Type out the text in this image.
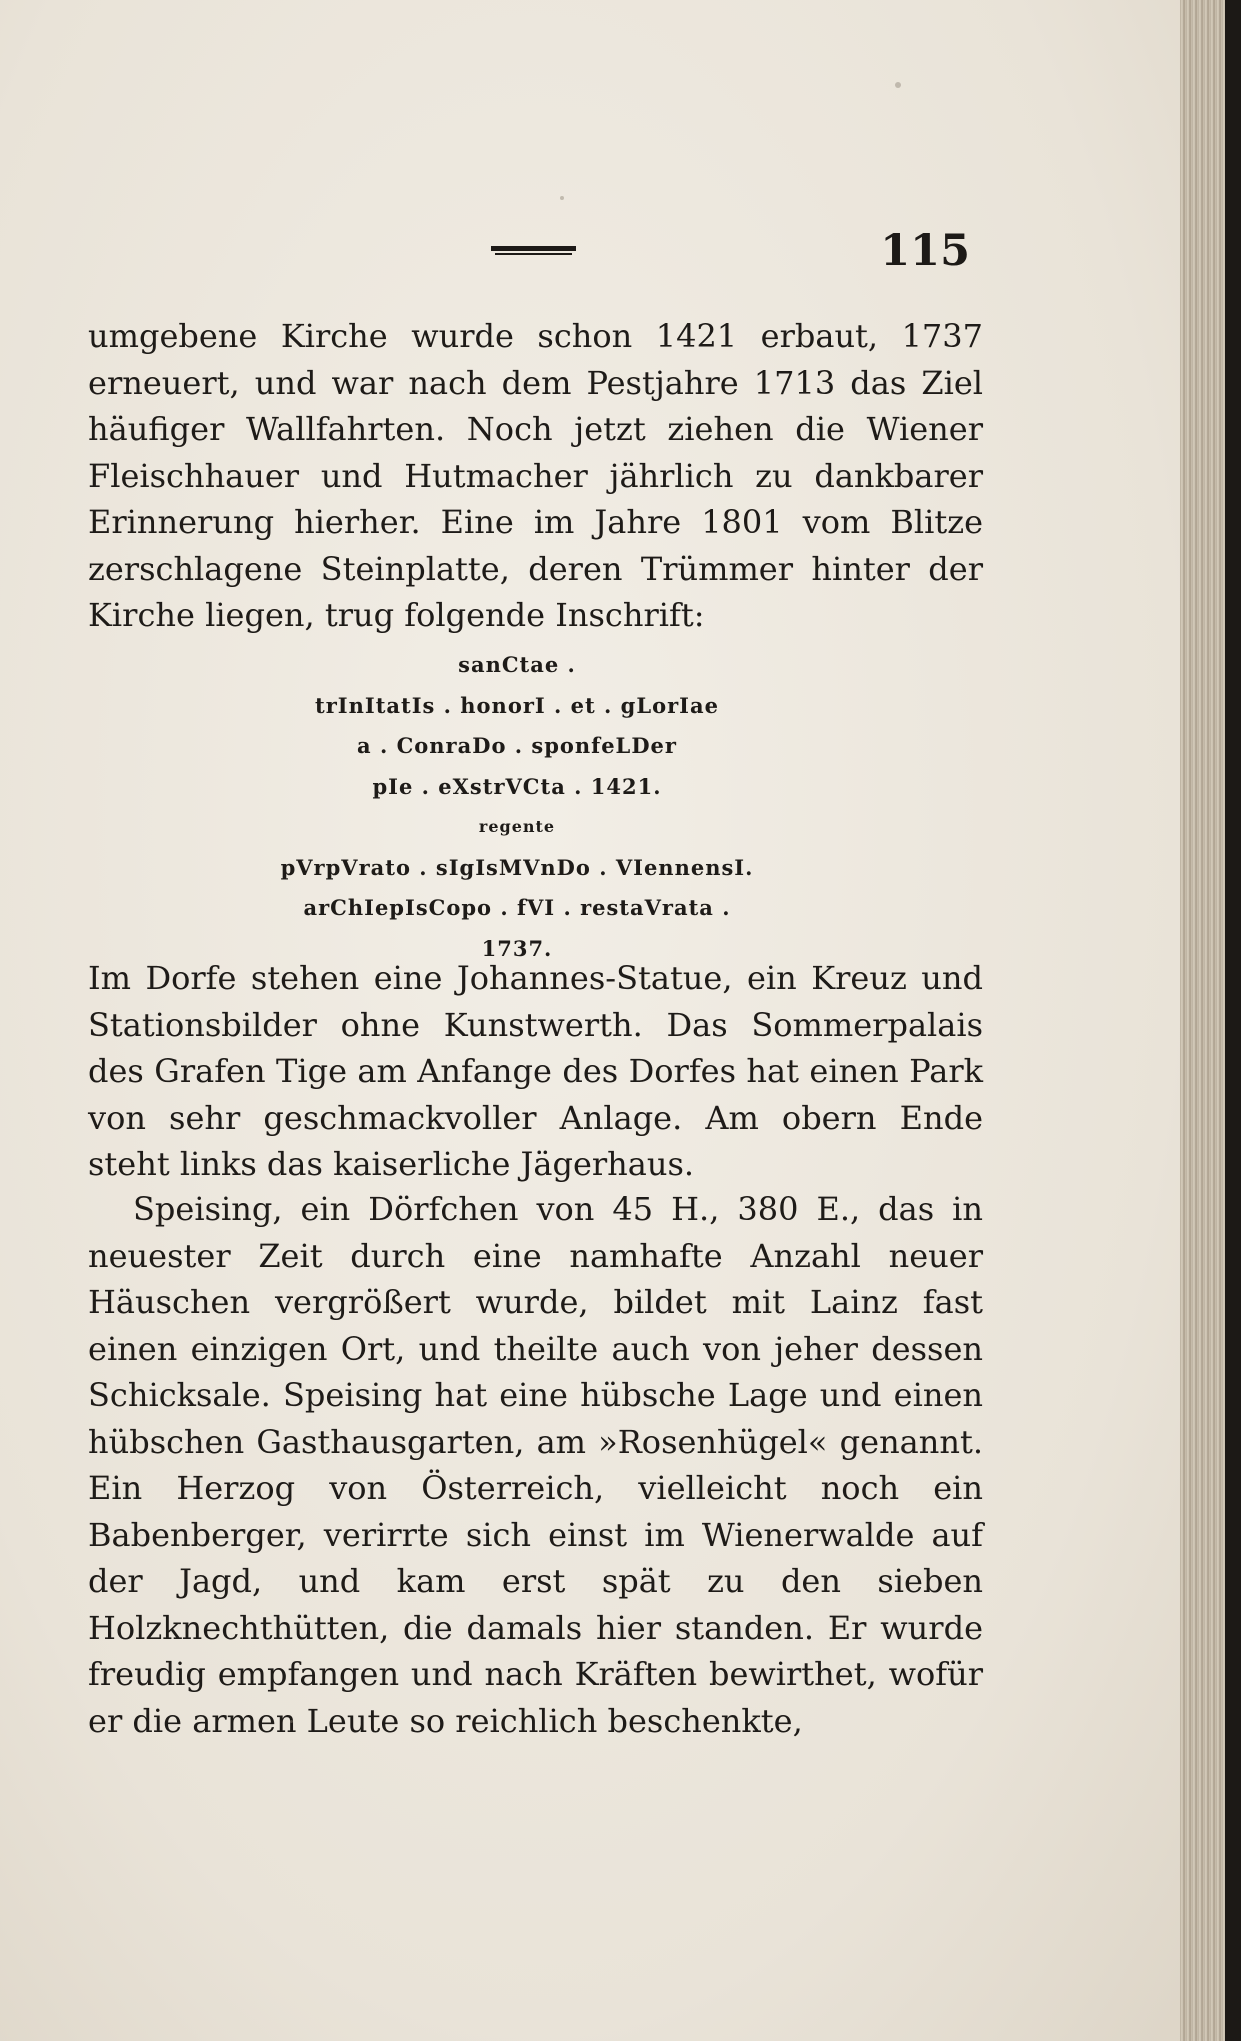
115

umgebene Kirche wurde schon 1421 erbaut, 1737 erneuert, und war nach dem Pestjahre 1713 das Ziel häufiger Wallfahrten. Noch jetzt ziehen die Wiener Fleischhauer und Hutmacher jährlich zu dankbarer Erinnerung hierher. Eine im Jahre 1801 vom Blitze zerschlagene Steinplatte, deren Trümmer hinter der Kirche liegen, trug folgende Inschrift:

sanCtae .
trInItatIs . honorI . et . gLorIae
a . ConraDo . sponfeLDer
pIe . eXstrVCta . 1421.
regente
pVrpVrato . sIgIsMVnDo . VIennensI.
arChIepIsCopo . fVI . restaVrata .
1737.

Im Dorfe stehen eine Johannes-Statue, ein Kreuz und Stationsbilder ohne Kunstwerth. Das Sommerpalais des Grafen Tige am Anfange des Dorfes hat einen Park von sehr geschmackvoller Anlage. Am obern Ende steht links das kaiserliche Jägerhaus.

Speising, ein Dörfchen von 45 H., 380 E., das in neuester Zeit durch eine namhafte Anzahl neuer Häuschen vergrößert wurde, bildet mit Lainz fast einen einzigen Ort, und theilte auch von jeher dessen Schicksale. Speising hat eine hübsche Lage und einen hübschen Gasthausgarten, am »Rosenhügel« genannt. Ein Herzog von Österreich, vielleicht noch ein Babenberger, verirrte sich einst im Wienerwalde auf der Jagd, und kam erst spät zu den sieben Holzknechthütten, die damals hier standen. Er wurde freudig empfangen und nach Kräften bewirthet, wofür er die armen Leute so reichlich beschenkte,
